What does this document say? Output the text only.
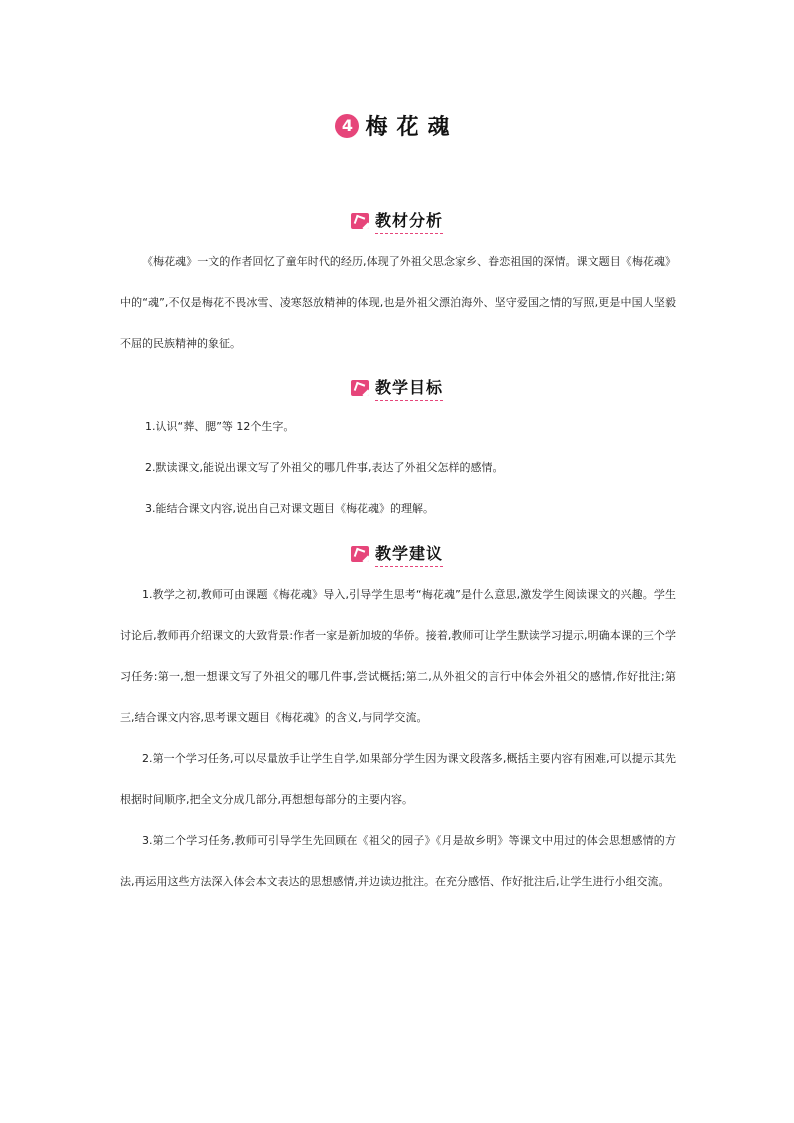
4 梅花魂
教材分析

《梅花魂》一文的作者回忆了童年时代的经历,体现了外祖父思念家乡、眷恋祖国的深情。课文题目《梅花魂》中的“魂”,不仅是梅花不畏冰雪、凌寒怒放精神的体现,也是外祖父漂泊海外、坚守爱国之情的写照,更是中国人坚毅不屈的民族精神的象征。

教学目标

1.认识“葬、腮”等 12个生字。

2.默读课文,能说出课文写了外祖父的哪几件事,表达了外祖父怎样的感情。

3.能结合课文内容,说出自己对课文题目《梅花魂》的理解。

教学建议

1.教学之初,教师可由课题《梅花魂》导入,引导学生思考“梅花魂”是什么意思,激发学生阅读课文的兴趣。学生讨论后,教师再介绍课文的大致背景:作者一家是新加坡的华侨。接着,教师可让学生默读学习提示,明确本课的三个学习任务:第一,想一想课文写了外祖父的哪几件事,尝试概括;第二,从外祖父的言行中体会外祖父的感情,作好批注;第三,结合课文内容,思考课文题目《梅花魂》的含义,与同学交流。

2.第一个学习任务,可以尽量放手让学生自学,如果部分学生因为课文段落多,概括主要内容有困难,可以提示其先根据时间顺序,把全文分成几部分,再想想每部分的主要内容。

3.第二个学习任务,教师可引导学生先回顾在《祖父的园子》《月是故乡明》等课文中用过的体会思想感情的方法,再运用这些方法深入体会本文表达的思想感情,并边读边批注。在充分感悟、作好批注后,让学生进行小组交流。
